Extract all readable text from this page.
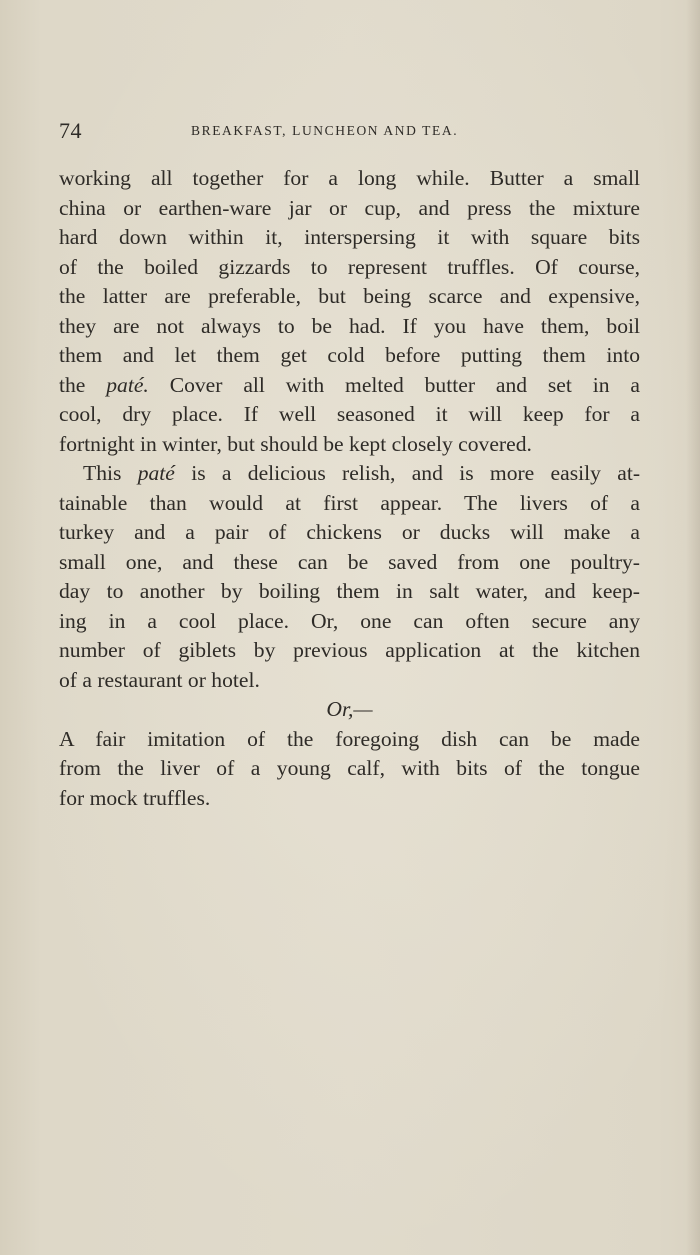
74	BREAKFAST, LUNCHEON AND TEA.
working all together for a long while. Butter a small
china or earthen-ware jar or cup, and press the mixture
hard down within it, interspersing it with square bits
of the boiled gizzards to represent truffles. Of course,
the latter are preferable, but being scarce and expensive,
they are not always to be had. If you have them, boil
them and let them get cold before putting them into
the paté. Cover all with melted butter and set in a
cool, dry place. If well seasoned it will keep for a
fortnight in winter, but should be kept closely covered.
This paté is a delicious relish, and is more easily at-
tainable than would at first appear. The livers of a
turkey and a pair of chickens or ducks will make a
small one, and these can be saved from one poultry-
day to another by boiling them in salt water, and keep-
ing in a cool place. Or, one can often secure any
number of giblets by previous application at the kitchen
of a restaurant or hotel.
Or,—
A fair imitation of the foregoing dish can be made
from the liver of a young calf, with bits of the tongue
for mock truffles.
